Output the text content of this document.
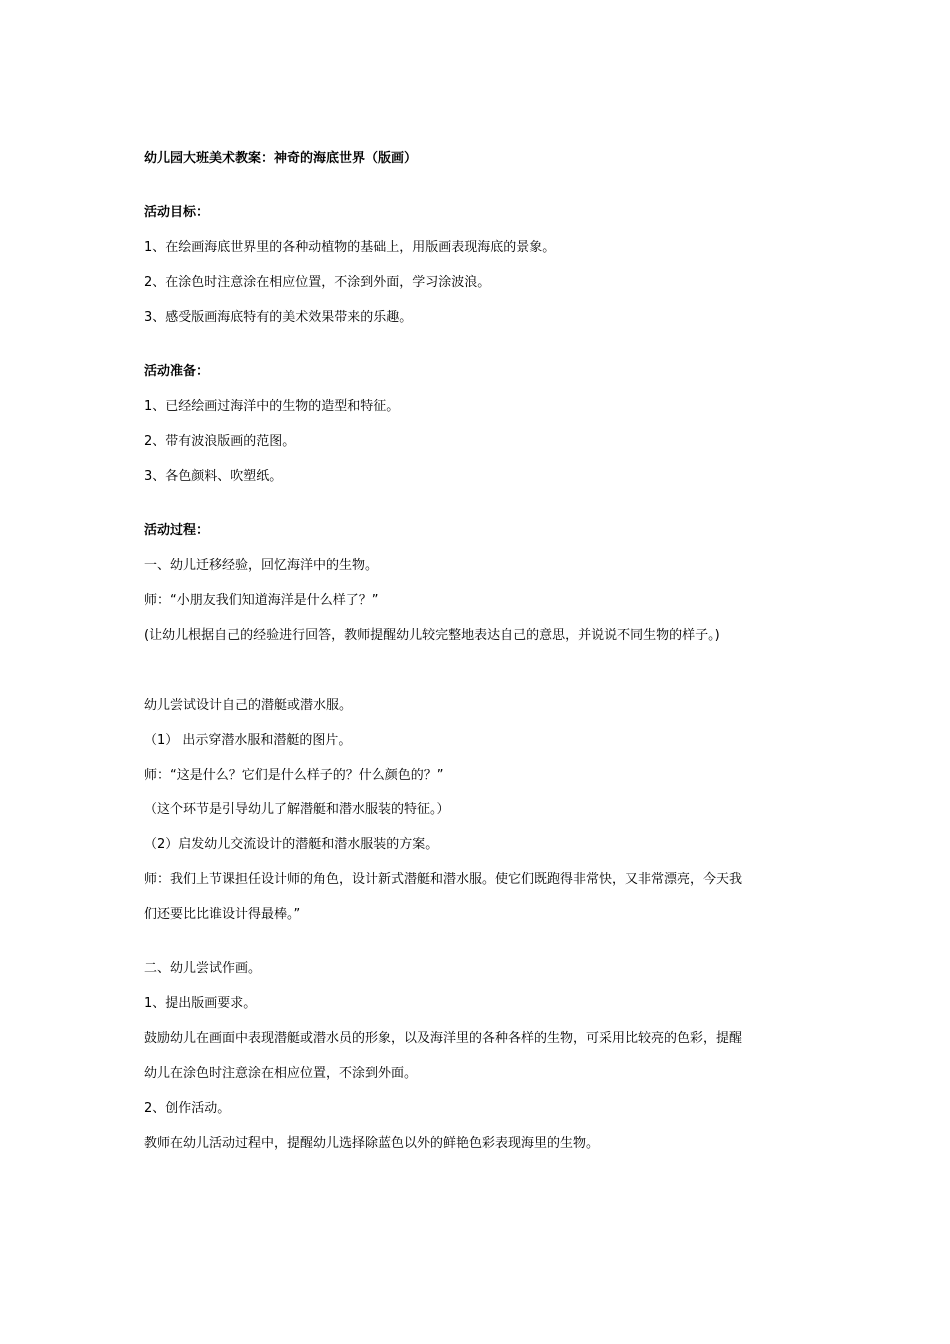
幼儿园大班美术教案：神奇的海底世界（版画）
活动目标：
1、在绘画海底世界里的各种动植物的基础上，用版画表现海底的景象。
2、在涂色时注意涂在相应位置，不涂到外面，学习涂波浪。
3、感受版画海底特有的美术效果带来的乐趣。
活动准备：
1、已经绘画过海洋中的生物的造型和特征。
2、带有波浪版画的范图。
3、各色颜料、吹塑纸。
活动过程：
一、幼儿迁移经验，回忆海洋中的生物。
师：“小朋友我们知道海洋是什么样了？”
(让幼儿根据自己的经验进行回答，教师提醒幼儿较完整地表达自己的意思，并说说不同生物的样子。)
幼儿尝试设计自己的潜艇或潜水服。
（1） 出示穿潜水服和潜艇的图片。
师：“这是什么？它们是什么样子的？什么颜色的？”
（这个环节是引导幼儿了解潜艇和潜水服装的特征。）
（2）启发幼儿交流设计的潜艇和潜水服装的方案。
师：我们上节课担任设计师的角色，设计新式潜艇和潜水服。使它们既跑得非常快，又非常漂亮，今天我
们还要比比谁设计得最棒。”
二、幼儿尝试作画。
1、提出版画要求。
鼓励幼儿在画面中表现潜艇或潜水员的形象，以及海洋里的各种各样的生物，可采用比较亮的色彩，提醒
幼儿在涂色时注意涂在相应位置，不涂到外面。
2、创作活动。
教师在幼儿活动过程中，提醒幼儿选择除蓝色以外的鲜艳色彩表现海里的生物。
